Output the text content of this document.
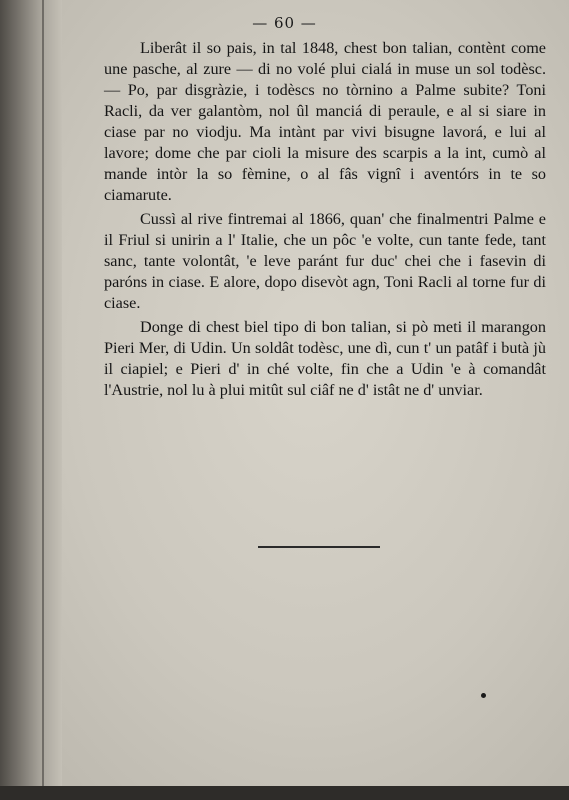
— 60 —

Liberât il so pais, in tal 1848, chest bon talian, contènt come une pasche, al zure — di no volé plui cialá in muse un sol todèsc. — Po, par disgràzie, i todèscs no tòrnino a Palme subite? Toni Racli, da ver galantòm, nol ûl manciá di peraule, e al si siare in ciase par no viodju. Ma intànt par vivi bisugne lavorá, e lui al lavore; dome che par cioli la misure des scarpis a la int, cumò al mande intòr la so fèmine, o al fâs vignî i aventórs in te so ciamarute.

Cussì al rive fintremai al 1866, quan' che finalmentri Palme e il Friul si unirin a l' Italie, che un pôc 'e volte, cun tante fede, tant sanc, tante volontât, 'e leve paránt fur duc' chei che i fasevin di paróns in ciase. E alore, dopo disevòt agn, Toni Racli al torne fur di ciase.

Donge di chest biel tipo di bon talian, si pò meti il marangon Pieri Mer, di Udin. Un soldât todèsc, une dì, cun t' un patâf i butà jù il ciapiel; e Pieri d' in ché volte, fin che a Udin 'e à comandât l'Austrie, nol lu à plui mitût sul ciâf ne d' istât ne d' unviar.
